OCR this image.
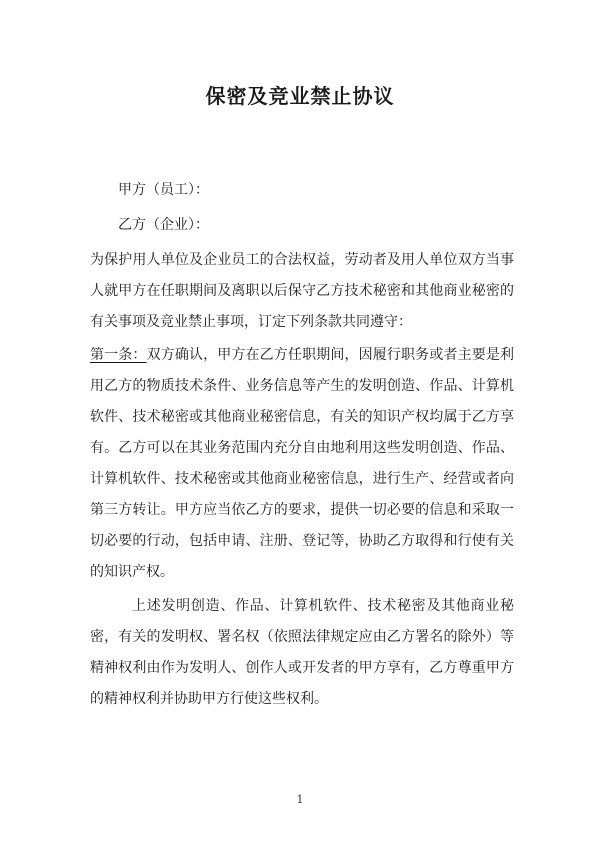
保密及竞业禁止协议
甲方（员工）：
乙方（企业）：
为保护用人单位及企业员工的合法权益，劳动者及用人单位双方当事人就甲方在任职期间及离职以后保守乙方技术秘密和其他商业秘密的有关事项及竞业禁止事项，订定下列条款共同遵守：
第一条：双方确认，甲方在乙方任职期间，因履行职务或者主要是利用乙方的物质技术条件、业务信息等产生的发明创造、作品、计算机软件、技术秘密或其他商业秘密信息，有关的知识产权均属于乙方享有。乙方可以在其业务范围内充分自由地利用这些发明创造、作品、计算机软件、技术秘密或其他商业秘密信息，进行生产、经营或者向第三方转让。甲方应当依乙方的要求，提供一切必要的信息和采取一切必要的行动，包括申请、注册、登记等，协助乙方取得和行使有关的知识产权。
上述发明创造、作品、计算机软件、技术秘密及其他商业秘密，有关的发明权、署名权（依照法律规定应由乙方署名的除外）等精神权利由作为发明人、创作人或开发者的甲方享有，乙方尊重甲方的精神权利并协助甲方行使这些权利。
1
